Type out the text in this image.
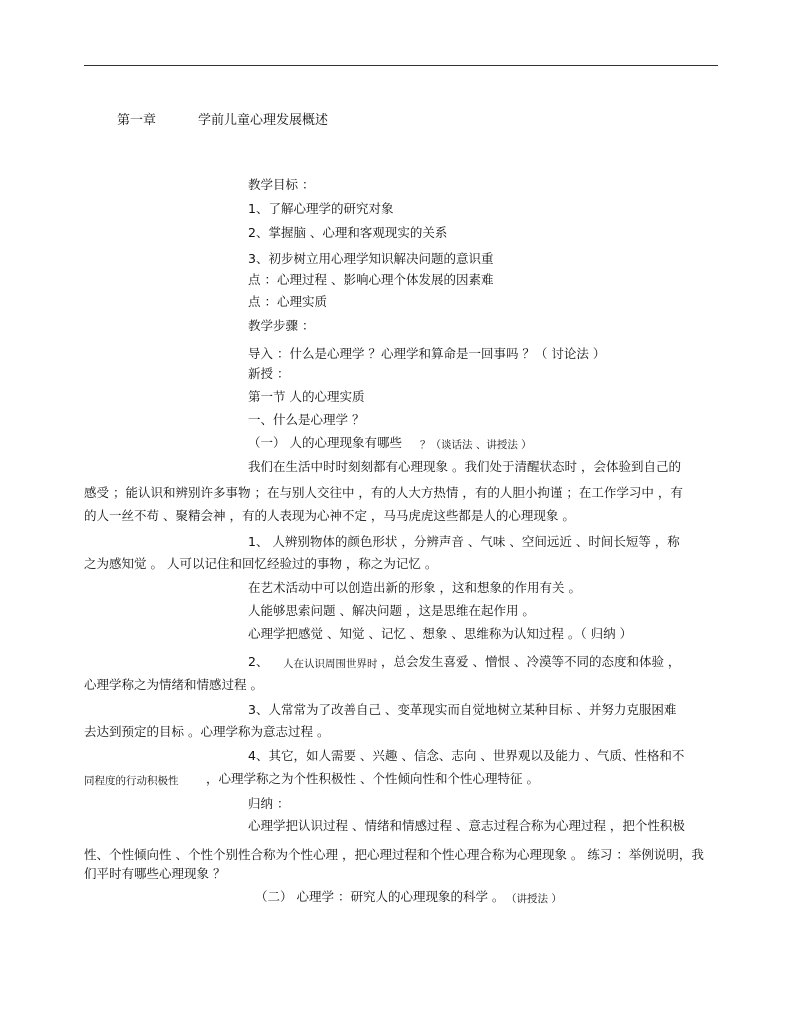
第一章	学前儿童心理发展概述
教学目标 ：
1、了解心理学的研究对象
2、掌握脑 、心理和客观现实的关系
3、初步树立用心理学知识解决问题的意识重
点 ：心理过程 、影响心理个体发展的因素难
点 ：心理实质
教学步骤 ：
导入 ：什么是心理学 ？心理学和算命是一回事吗 ？（ 讨论法 ）
新授 ：
第一节 人的心理实质
一、什么是心理学 ？
（一） 人的心理现象有哪些 ？（谈话法 、讲授法 ）
我们在生活中时时刻刻都有心理现象 。我们处于清醒状态时 ，会体验到自己的
感受 ；能认识和辨别许多事物 ；在与别人交往中 ，有的人大方热情 ，有的人胆小拘谨 ；在工作学习中 ，有
的人一丝不苟 、聚精会神 ，有的人表现为心神不定 ，马马虎虎这些都是人的心理现象 。
1、 人辨别物体的颜色形状 ，分辨声音 、气味 、空间远近 、时间长短等 ，称
之为感知觉 。 人可以记住和回忆经验过的事物 ，称之为记忆 。
在艺术活动中可以创造出新的形象 ，这和想象的作用有关 。
人能够思索问题 、解决问题 ，这是思维在起作用 。
心理学把感觉 、知觉 、记忆 、想象 、思维称为认知过程 。（ 归纳 ）
2、 人在认识周围世界时 ，总会发生喜爱 、憎恨 、冷漠等不同的态度和体验 ，
心理学称之为情绪和情感过程 。
3、人常常为了改善自己 、变革现实而自觉地树立某种目标 、并努力克服困难
去达到预定的目标 。心理学称为意志过程 。
4、其它，如人需要 、兴趣 、信念、志向 、世界观以及能力 、气质、性格和不
同程度的行动积极性 ，心理学称之为个性积极性 、个性倾向性和个性心理特征 。
归纳 ：
心理学把认识过程 、情绪和情感过程 、意志过程合称为心理过程 ，把个性积极
性、个性倾向性 、个性个别性合称为个性心理 ，把心理过程和个性心理合称为心理现象 。 练习 ：举例说明，我
们平时有哪些心理现象 ？
（二） 心理学 ：研究人的心理现象的科学 。 （讲授法 ）
